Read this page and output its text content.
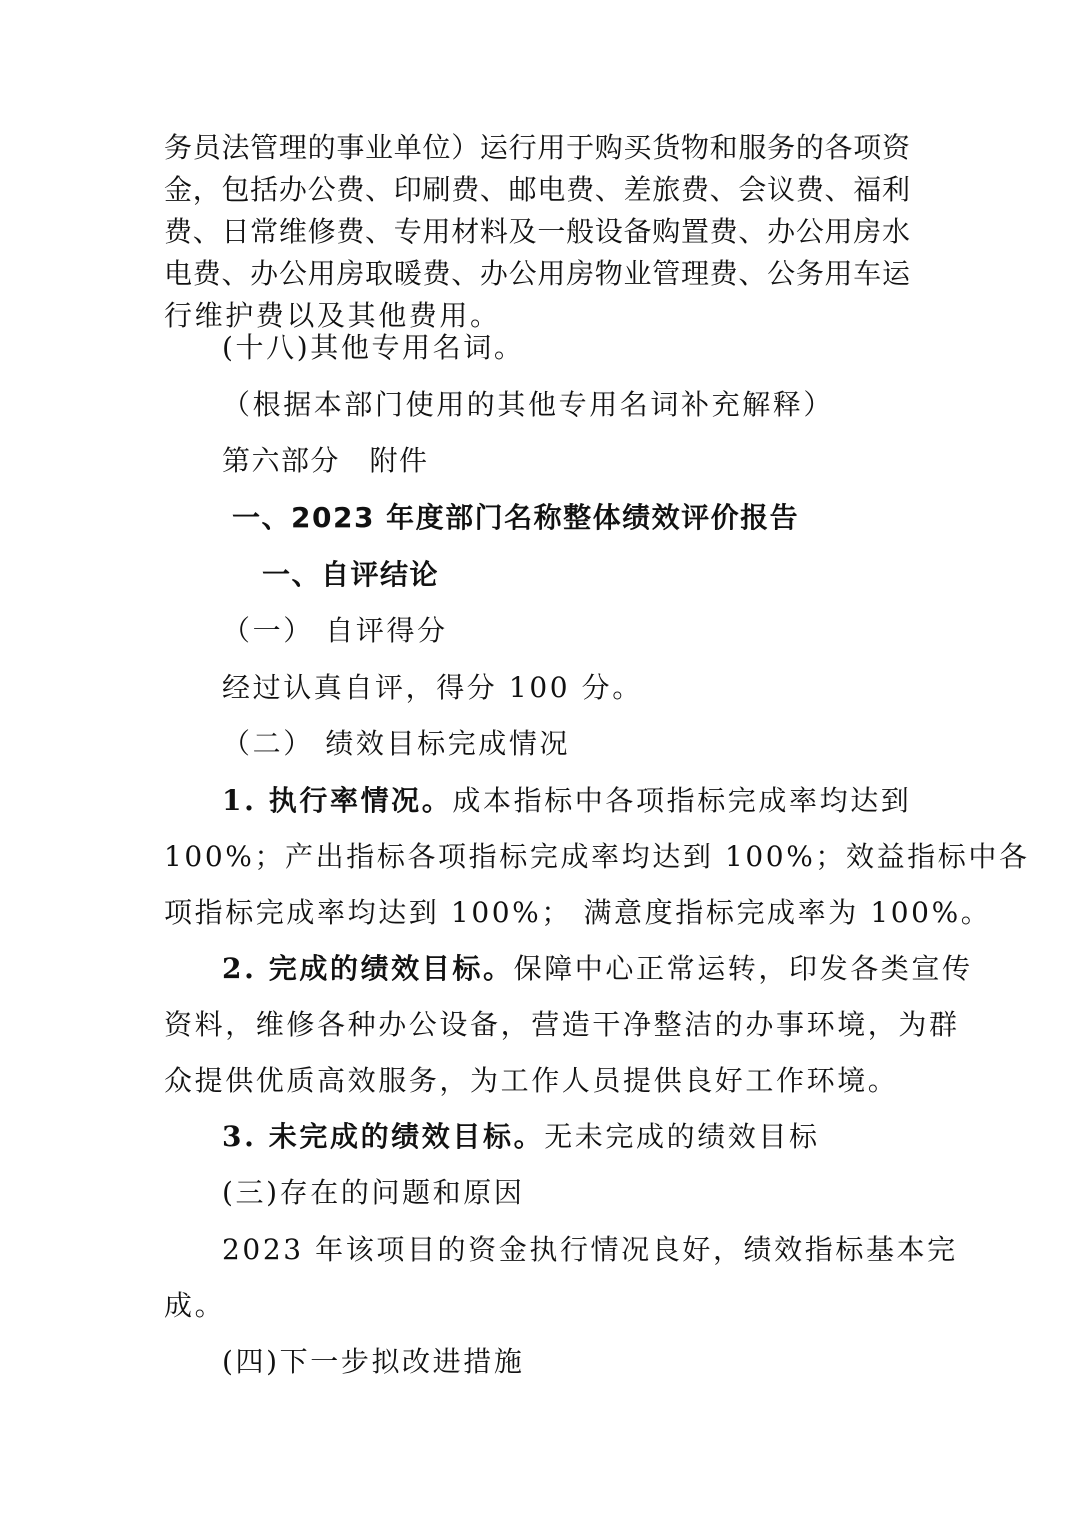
务员法管理的事业单位）运行用于购买货物和服务的各项资
金，包括办公费、印刷费、邮电费、差旅费、会议费、福利
费、日常维修费、专用材料及一般设备购置费、办公用房水
电费、办公用房取暖费、办公用房物业管理费、公务用车运
行维护费以及其他费用。
(十八)其他专用名词。
（根据本部门使用的其他专用名词补充解释）
第六部分　附件
一、2023 年度部门名称整体绩效评价报告
一、自评结论
（一） 自评得分
经过认真自评，得分 100 分。
（二） 绩效目标完成情况
1. 执行率情况。成本指标中各项指标完成率均达到
100%；产出指标各项指标完成率均达到 100%；效益指标中各
项指标完成率均达到 100%； 满意度指标完成率为 100%。
2. 完成的绩效目标。保障中心正常运转，印发各类宣传
资料，维修各种办公设备，营造干净整洁的办事环境，为群
众提供优质高效服务，为工作人员提供良好工作环境。
3. 未完成的绩效目标。无未完成的绩效目标
(三)存在的问题和原因
2023 年该项目的资金执行情况良好，绩效指标基本完
成。
(四)下一步拟改进措施
